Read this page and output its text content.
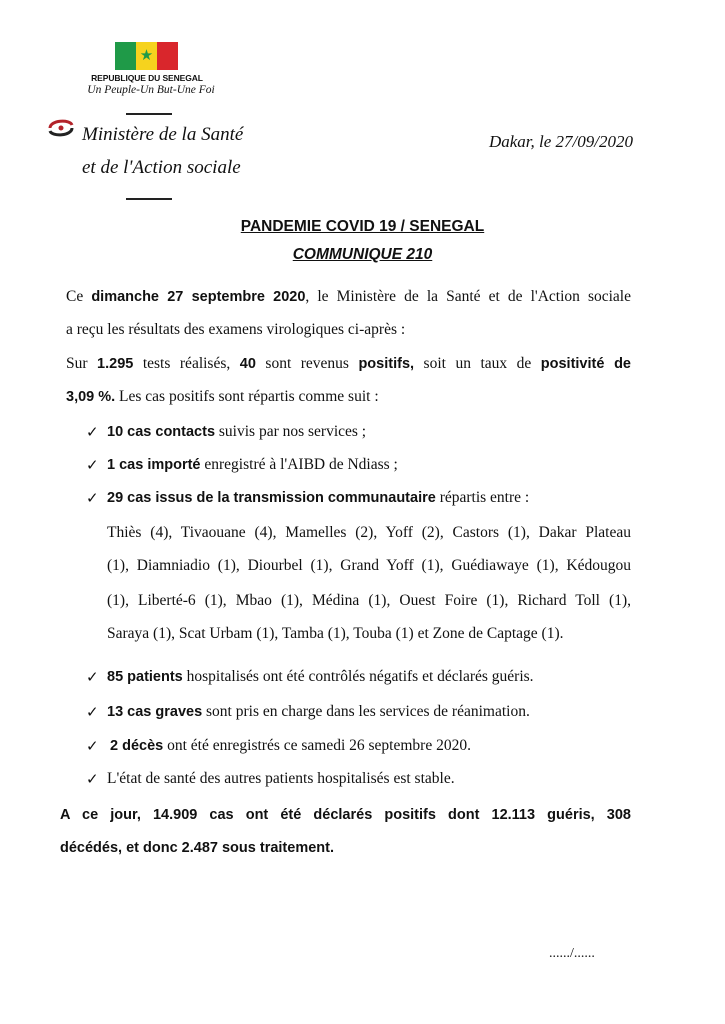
★
REPUBLIQUE DU SENEGAL
Un Peuple-Un But-Une Foi
Ministère de la Santé
et de l'Action sociale
Dakar, le 27/09/2020
PANDEMIE COVID 19 / SENEGAL
COMMUNIQUE 210
Ce dimanche 27 septembre 2020, le Ministère de la Santé et de l'Action sociale
a reçu les résultats des examens virologiques ci-après :
Sur 1.295 tests réalisés, 40 sont revenus positifs, soit un taux de positivité de
3,09 %. Les cas positifs sont répartis comme suit :
✓ 10 cas contacts suivis par nos services ;
✓ 1 cas importé enregistré à l'AIBD de Ndiass ;
✓ 29 cas issus de la transmission communautaire répartis entre :
Thiès (4), Tivaouane (4), Mamelles (2), Yoff (2), Castors (1), Dakar Plateau
(1), Diamniadio (1), Diourbel (1), Grand Yoff (1), Guédiawaye (1), Kédougou
(1), Liberté-6 (1), Mbao (1), Médina (1), Ouest Foire (1), Richard Toll (1),
Saraya (1), Scat Urbam (1), Tamba (1), Touba (1) et Zone de Captage (1).
✓ 85 patients hospitalisés ont été contrôlés négatifs et déclarés guéris.
✓ 13 cas graves sont pris en charge dans les services de réanimation.
✓ 2 décès ont été enregistrés ce samedi 26 septembre 2020.
✓ L'état de santé des autres patients hospitalisés est stable.
A ce jour, 14.909 cas ont été déclarés positifs dont 12.113 guéris, 308
décédés, et donc 2.487 sous traitement.
....../......
